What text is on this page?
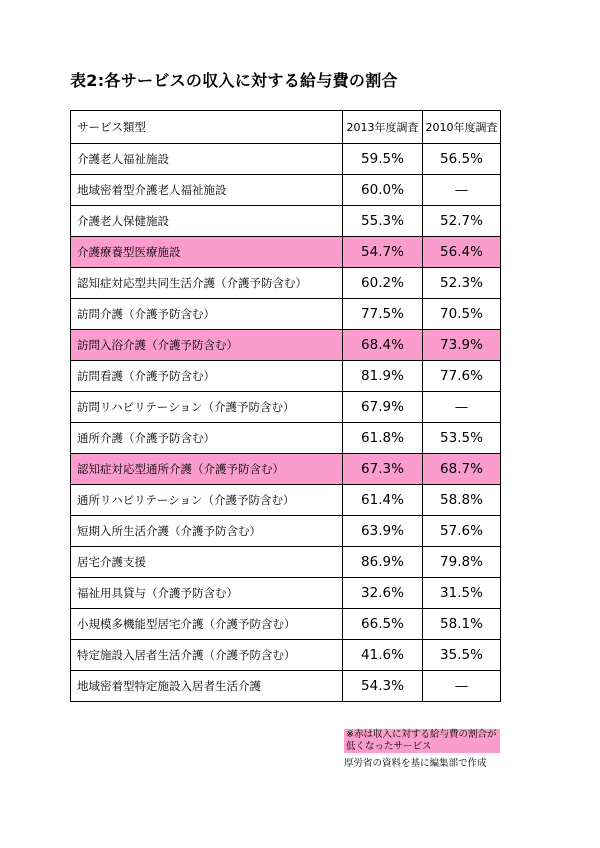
表2:各サービスの収入に対する給与費の割合
サービス類型	2013年度調査	2010年度調査
介護老人福祉施設	59.5%	56.5%
地域密着型介護老人福祉施設	60.0%	—
介護老人保健施設	55.3%	52.7%
介護療養型医療施設	54.7%	56.4%
認知症対応型共同生活介護（介護予防含む）	60.2%	52.3%
訪問介護（介護予防含む）	77.5%	70.5%
訪問入浴介護（介護予防含む）	68.4%	73.9%
訪問看護（介護予防含む）	81.9%	77.6%
訪問リハビリテーション（介護予防含む）	67.9%	—
通所介護（介護予防含む）	61.8%	53.5%
認知症対応型通所介護（介護予防含む）	67.3%	68.7%
通所リハビリテーション（介護予防含む）	61.4%	58.8%
短期入所生活介護（介護予防含む）	63.9%	57.6%
居宅介護支援	86.9%	79.8%
福祉用具貸与（介護予防含む）	32.6%	31.5%
小規模多機能型居宅介護（介護予防含む）	66.5%	58.1%
特定施設入居者生活介護（介護予防含む）	41.6%	35.5%
地域密着型特定施設入居者生活介護	54.3%	—
※赤は収入に対する給与費の割合が低くなったサービス
厚労省の資料を基に編集部で作成
